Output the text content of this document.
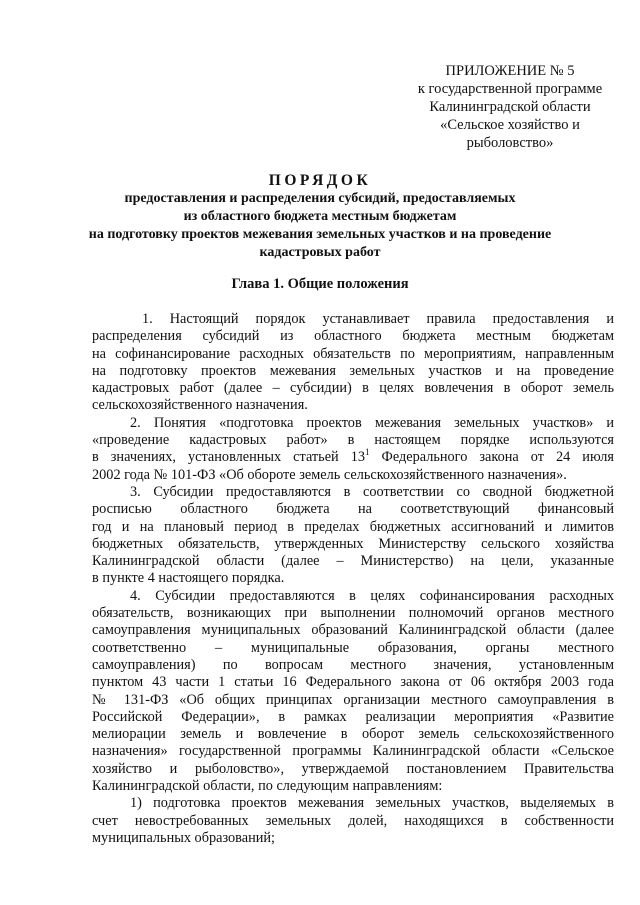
ПРИЛОЖЕНИЕ № 5
к государственной программе
Калининградской области
«Сельское хозяйство и
рыболовство»
ПОРЯДОК
предоставления и распределения субсидий, предоставляемых
из областного бюджета местным бюджетам
на подготовку проектов межевания земельных участков и на проведение
кадастровых работ
Глава 1. Общие положения
1. Настоящий порядок устанавливает правила предоставления и
распределения субсидий из областного бюджета местным бюджетам
на софинансирование расходных обязательств по мероприятиям, направленным
на подготовку проектов межевания земельных участков и на проведение
кадастровых работ (далее – субсидии) в целях вовлечения в оборот земель
сельскохозяйственного назначения.
2. Понятия «подготовка проектов межевания земельных участков» и
«проведение кадастровых работ» в настоящем порядке используются
в значениях, установленных статьей $13^1$ Федерального закона от 24 июля
2002 года № 101-ФЗ «Об обороте земель сельскохозяйственного назначения».
3. Субсидии предоставляются в соответствии со сводной бюджетной
росписью областного бюджета на соответствующий финансовый
год и на плановый период в пределах бюджетных ассигнований и лимитов
бюджетных обязательств, утвержденных Министерству сельского хозяйства
Калининградской области (далее – Министерство) на цели, указанные
в пункте 4 настоящего порядка.
4. Субсидии предоставляются в целях софинансирования расходных
обязательств, возникающих при выполнении полномочий органов местного
самоуправления муниципальных образований Калининградской области (далее
соответственно – муниципальные образования, органы местного
самоуправления) по вопросам местного значения, установленным
пунктом 43 части 1 статьи 16 Федерального закона от 06 октября 2003 года
№ 131-ФЗ «Об общих принципах организации местного самоуправления в
Российской Федерации», в рамках реализации мероприятия «Развитие
мелиорации земель и вовлечение в оборот земель сельскохозяйственного
назначения» государственной программы Калининградской области «Сельское
хозяйство и рыболовство», утверждаемой постановлением Правительства
Калининградской области, по следующим направлениям:
1) подготовка проектов межевания земельных участков, выделяемых в
счет невостребованных земельных долей, находящихся в собственности
муниципальных образований;
